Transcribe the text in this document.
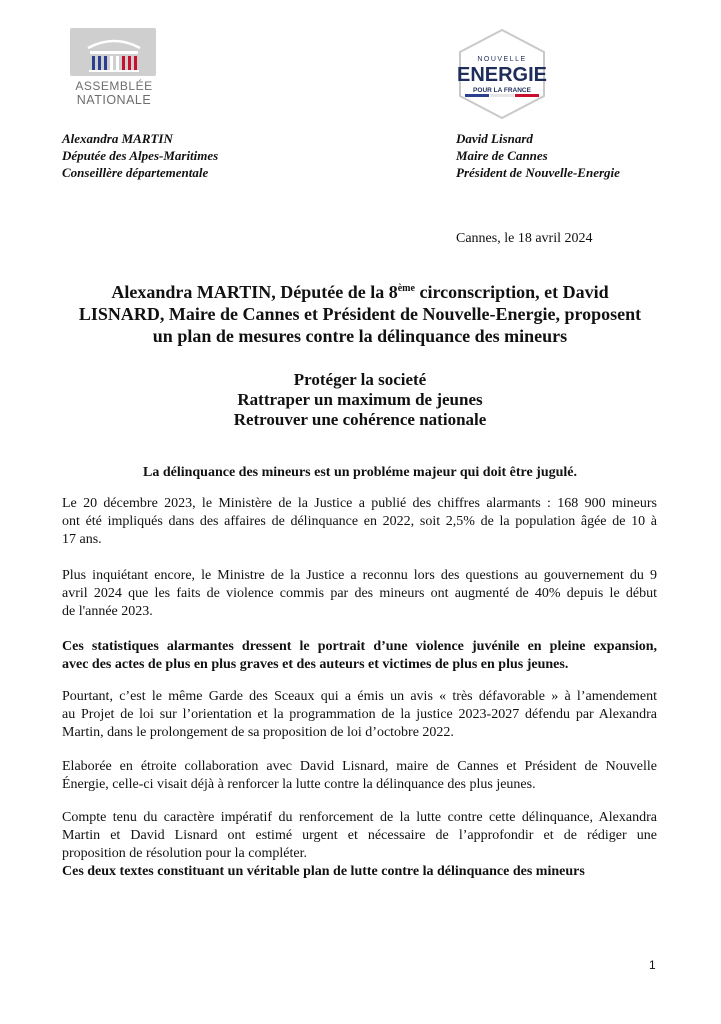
ASSEMBLÉE
NATIONALE
NOUVELLE
ENERGIE
POUR LA FRANCE
Alexandra MARTIN
Députée des Alpes-Maritimes
Conseillère départementale
David Lisnard
Maire de Cannes
Président de Nouvelle-Energie
Cannes, le 18 avril 2024
Alexandra MARTIN, Députée de la 8ème circonscription, et David
LISNARD, Maire de Cannes et Président de Nouvelle-Energie, proposent
un plan de mesures contre la délinquance des mineurs
Protéger la societé
Rattraper un maximum de jeunes
Retrouver une cohérence nationale
La délinquance des mineurs est un probléme majeur qui doit être jugulé.
Le 20 décembre 2023, le Ministère de la Justice a publié des chiffres alarmants : 168 900 mineurs
ont été impliqués dans des affaires de délinquance en 2022, soit 2,5% de la population âgée de 10 à
17 ans.
Plus inquiétant encore, le Ministre de la Justice a reconnu lors des questions au gouvernement du 9
avril 2024 que les faits de violence commis par des mineurs ont augmenté de 40% depuis le début
de l'année 2023.
Ces statistiques alarmantes dressent le portrait d’une violence juvénile en pleine expansion,
avec des actes de plus en plus graves et des auteurs et victimes de plus en plus jeunes.
Pourtant, c’est le même Garde des Sceaux qui a émis un avis « très défavorable » à l’amendement
au Projet de loi sur l’orientation et la programmation de la justice 2023-2027 défendu par Alexandra
Martin, dans le prolongement de sa proposition de loi d’octobre 2022.
Elaborée en étroite collaboration avec David Lisnard, maire de Cannes et Président de Nouvelle
Énergie, celle-ci visait déjà à renforcer la lutte contre la délinquance des plus jeunes.
Compte tenu du caractère impératif du renforcement de la lutte contre cette délinquance, Alexandra
Martin et David Lisnard ont estimé urgent et nécessaire de l’approfondir et de rédiger une
proposition de résolution pour la compléter.
Ces deux textes constituant un véritable plan de lutte contre la délinquance des mineurs
1
